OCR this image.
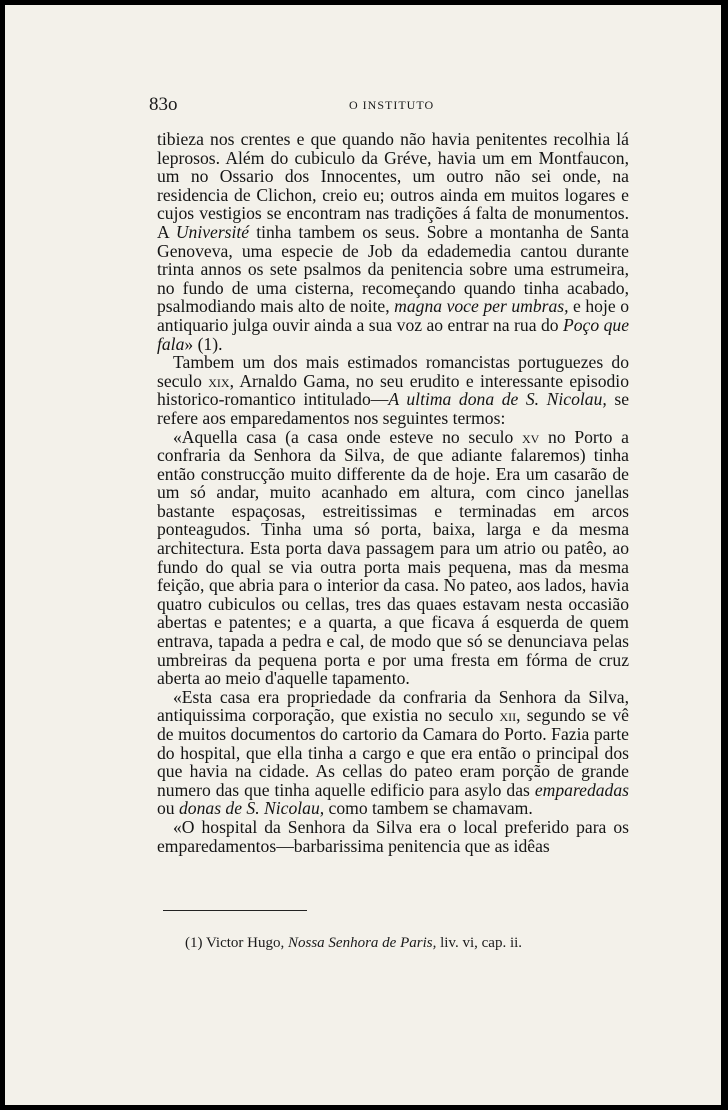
83o	O INSTITUTO

tibieza nos crentes e que quando não havia penitentes recolhia lá leprosos. Além do cubiculo da Gréve, havia um em Montfaucon, um no Ossario dos Innocentes, um outro não sei onde, na residencia de Clichon, creio eu; outros ainda em muitos logares e cujos vestigios se encontram nas tradições á falta de monumentos. A Université tinha tambem os seus. Sobre a montanha de Santa Genoveva, uma especie de Job da edademedia cantou durante trinta annos os sete psalmos da penitencia sobre uma estrumeira, no fundo de uma cisterna, recomeçando quando tinha acabado, psalmodiando mais alto de noite, magna voce per umbras, e hoje o antiquario julga ouvir ainda a sua voz ao entrar na rua do Poço que fala» (1).

Tambem um dos mais estimados romancistas portuguezes do seculo xix, Arnaldo Gama, no seu erudito e interessante episodio historico-romantico intitulado—A ultima dona de S. Nicolau, se refere aos emparedamentos nos seguintes termos:

«Aquella casa (a casa onde esteve no seculo xv no Porto a confraria da Senhora da Silva, de que adiante falaremos) tinha então construcção muito differente da de hoje. Era um casarão de um só andar, muito acanhado em altura, com cinco janellas bastante espaçosas, estreitissimas e terminadas em arcos ponteagudos. Tinha uma só porta, baixa, larga e da mesma architectura. Esta porta dava passagem para um atrio ou patêo, ao fundo do qual se via outra porta mais pequena, mas da mesma feição, que abria para o interior da casa. No pateo, aos lados, havia quatro cubiculos ou cellas, tres das quaes estavam nesta occasião abertas e patentes; e a quarta, a que ficava á esquerda de quem entrava, tapada a pedra e cal, de modo que só se denunciava pelas umbreiras da pequena porta e por uma fresta em fórma de cruz aberta ao meio d'aquelle tapamento.

«Esta casa era propriedade da confraria da Senhora da Silva, antiquissima corporação, que existia no seculo xii, segundo se vê de muitos documentos do cartorio da Camara do Porto. Fazia parte do hospital, que ella tinha a cargo e que era então o principal dos que havia na cidade. As cellas do pateo eram porção de grande numero das que tinha aquelle edificio para asylo das emparedadas ou donas de S. Nicolau, como tambem se chamavam.

«O hospital da Senhora da Silva era o local preferido para os emparedamentos—barbarissima penitencia que as idêas

(1) Victor Hugo, Nossa Senhora de Paris, liv. vi, cap. ii.
